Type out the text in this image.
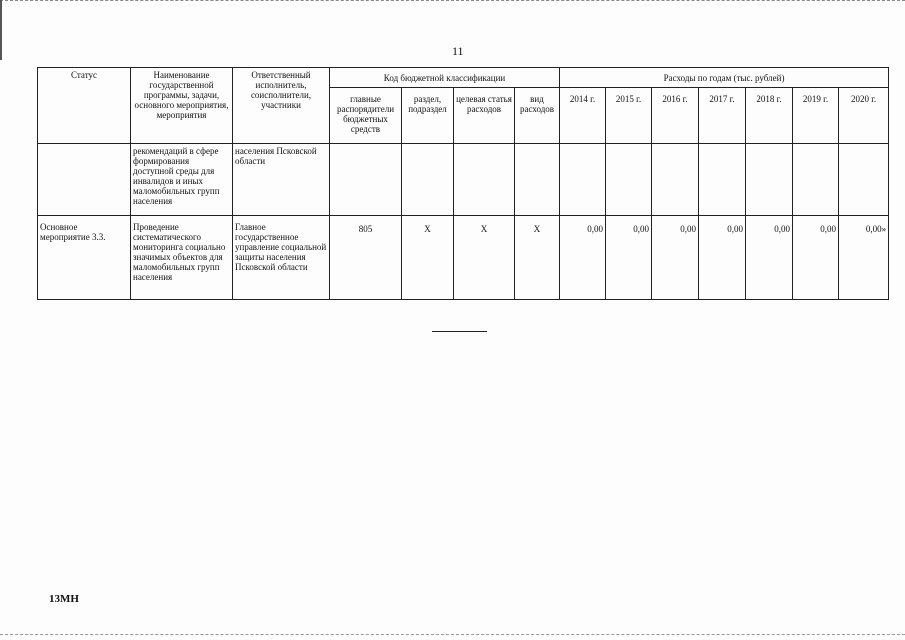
11
Статус	Наименование государственной программы, задачи, основного мероприятия, мероприятия	Ответственный исполнитель, соисполнители, участники	Код бюджетной классификации				Расходы по годам (тыс. рублей)						
			главные распорядители бюджетных средств	раздел, подраздел	целевая статья расходов	вид расходов	2014 г.	2015 г.	2016 г.	2017 г.	2018 г.	2019 г.	2020 г.
	рекомендаций в сфере формирования доступной среды для инвалидов и иных маломобильных групп населения	населения Псковской области											
Основное мероприятие 3.3.	Проведение систематического мониторинга социально значимых объектов для маломобильных групп населения	Главное государственное управление социальной защиты населения Псковской области	805	Х	Х	Х	0,00	0,00	0,00	0,00	0,00	0,00	0,00»
13МН
